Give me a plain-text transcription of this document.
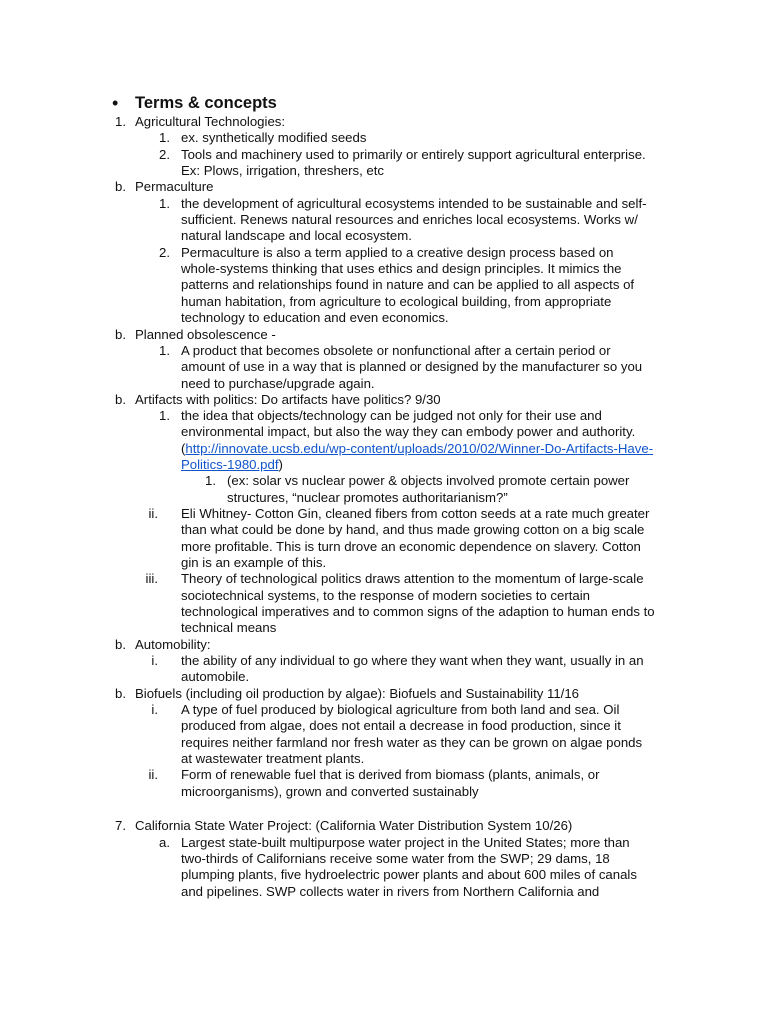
• Terms & concepts
1. Agricultural Technologies:
1. ex. synthetically modified seeds
2. Tools and machinery used to primarily or entirely support agricultural enterprise.
Ex: Plows, irrigation, threshers, etc
b. Permaculture
1. the development of agricultural ecosystems intended to be sustainable and self-
sufficient. Renews natural resources and enriches local ecosystems. Works w/
natural landscape and local ecosystem.
2. Permaculture is also a term applied to a creative design process based on
whole-systems thinking that uses ethics and design principles. It mimics the
patterns and relationships found in nature and can be applied to all aspects of
human habitation, from agriculture to ecological building, from appropriate
technology to education and even economics.
b. Planned obsolescence -
1. A product that becomes obsolete or nonfunctional after a certain period or
amount of use in a way that is planned or designed by the manufacturer so you
need to purchase/upgrade again.
b. Artifacts with politics: Do artifacts have politics? 9/30
1. the idea that objects/technology can be judged not only for their use and
environmental impact, but also the way they can embody power and authority.
(http://innovate.ucsb.edu/wp-content/uploads/2010/02/Winner-Do-Artifacts-Have-
Politics-1980.pdf)
1. (ex: solar vs nuclear power & objects involved promote certain power
structures, “nuclear promotes authoritarianism?”
ii. Eli Whitney- Cotton Gin, cleaned fibers from cotton seeds at a rate much greater
than what could be done by hand, and thus made growing cotton on a big scale
more profitable. This is turn drove an economic dependence on slavery. Cotton
gin is an example of this.
iii. Theory of technological politics draws attention to the momentum of large-scale
sociotechnical systems, to the response of modern societies to certain
technological imperatives and to common signs of the adaption to human ends to
technical means
b. Automobility:
i. the ability of any individual to go where they want when they want, usually in an
automobile.
b. Biofuels (including oil production by algae): Biofuels and Sustainability 11/16
i. A type of fuel produced by biological agriculture from both land and sea. Oil
produced from algae, does not entail a decrease in food production, since it
requires neither farmland nor fresh water as they can be grown on algae ponds
at wastewater treatment plants.
ii. Form of renewable fuel that is derived from biomass (plants, animals, or
microorganisms), grown and converted sustainably
7. California State Water Project: (California Water Distribution System 10/26)
a. Largest state-built multipurpose water project in the United States; more than
two-thirds of Californians receive some water from the SWP; 29 dams, 18
plumping plants, five hydroelectric power plants and about 600 miles of canals
and pipelines. SWP collects water in rivers from Northern California and
